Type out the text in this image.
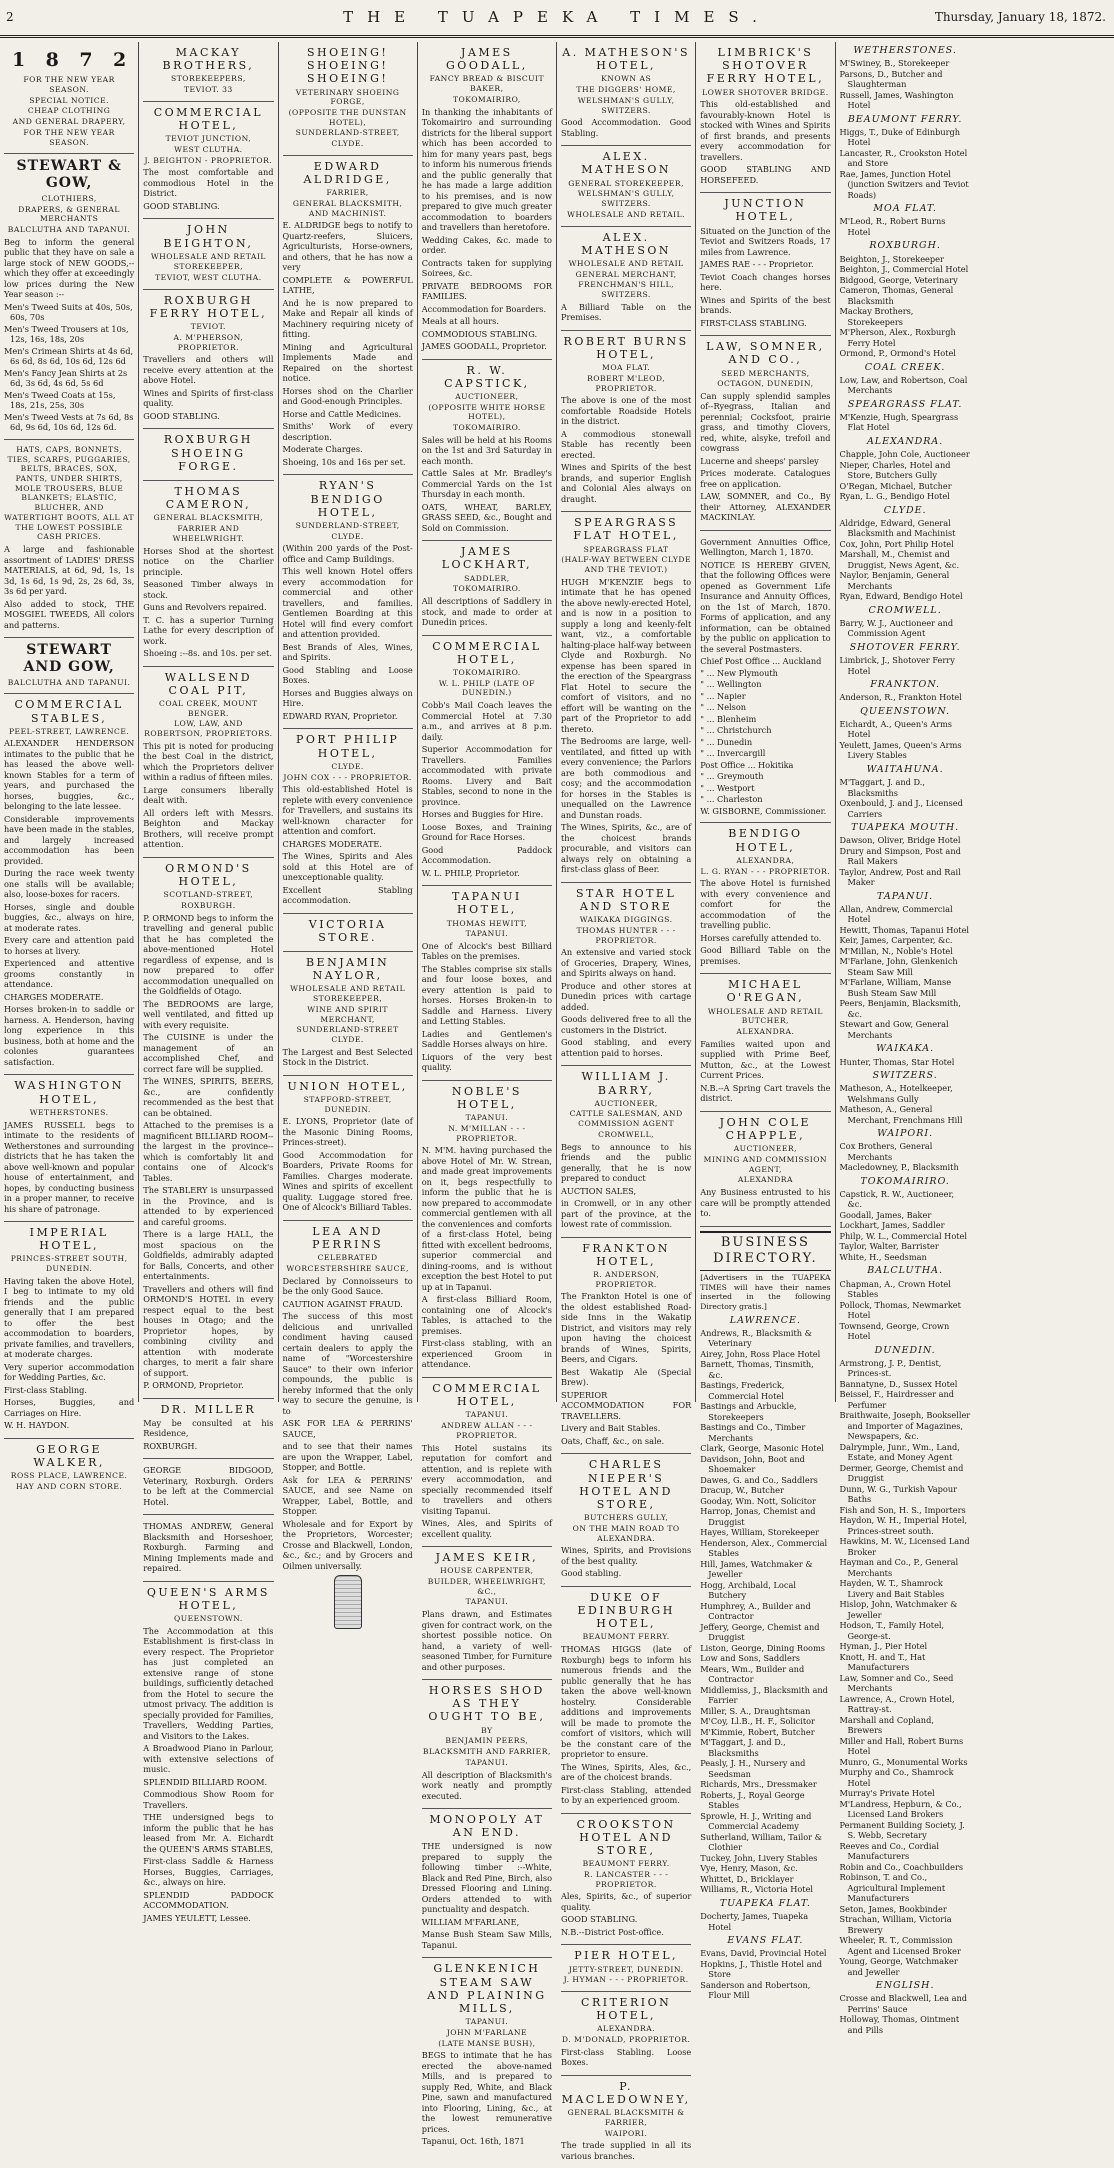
2	THE TUAPEKA TIMES.	Thursday, January 18, 1872.
1 8 7 2
FOR THE NEW YEAR SEASON.
SPECIAL NOTICE.
CHEAP CLOTHING
AND GENERAL DRAPERY,
FOR THE NEW YEAR SEASON.
STEWART & GOW,
CLOTHIERS,
DRAPERS, & GENERAL MERCHANTS
BALCLUTHA AND TAPANUI.

Beg to inform the general public that they have on sale a large stock of NEW GOODS,-- which they offer at exceedingly low prices during the New Year season :--

Men's Tweed Suits at 40s, 50s, 60s, 70s

Men's Tweed Trousers at 10s, 12s, 16s, 18s, 20s

Men's Crimean Shirts at 4s 6d, 6s 6d, 8s 6d, 10s 6d, 12s 6d

Men's Fancy Jean Shirts at 2s 6d, 3s 6d, 4s 6d, 5s 6d

Men's Tweed Coats at 15s, 18s, 21s, 25s, 30s

Men's Tweed Vests at 7s 6d, 8s 6d, 9s 6d, 10s 6d, 12s 6d.

HATS, CAPS, BONNETS, TIES, SCARFS, PUGGARIES, BELTS, BRACES, SOX, PANTS, UNDER SHIRTS, MOLE TROUSERS, BLUE BLANKETS; ELASTIC, BLUCHER, AND WATERTIGHT BOOTS, ALL AT THE LOWEST POSSIBLE CASH PRICES.

A large and fashionable assortment of LADIES' DRESS MATERIALS, at 6d, 9d, 1s, 1s 3d, 1s 6d, 1s 9d, 2s, 2s 6d, 3s, 3s 6d per yard.

Also added to stock, THE MOSGIEL TWEEDS, All colors and patterns.

STEWART AND GOW,
BALCLUTHA AND TAPANUI.
COMMERCIAL STABLES,
PEEL-STREET, LAWRENCE.

ALEXANDER HENDERSON intimates to the public that he has leased the above well-known Stables for a term of years, and purchased the horses, buggies, &c., belonging to the late lessee.

Considerable improvements have been made in the stables, and largely increased accommodation has been provided.

During the race week twenty one stalls will be available; also, loose-boxes for racers.

Horses, single and double buggies, &c., always on hire, at moderate rates.

Every care and attention paid to horses at livery.

Experienced and attentive grooms constantly in attendance.

CHARGES MODERATE.

Horses broken-in to saddle or harness. A. Henderson, having long experience in this business, both at home and the colonies guarantees satisfaction.

WASHINGTON HOTEL,
WETHERSTONES.

JAMES RUSSELL begs to intimate to the residents of Wetherstones and surrounding districts that he has taken the above well-known and popular house of entertainment, and hopes, by conducting business in a proper manner, to receive his share of patronage.

IMPERIAL HOTEL,
PRINCES-STREET SOUTH, DUNEDIN.

Having taken the above Hotel, I beg to intimate to my old friends and the public generally that I am prepared to offer the best accommodation to boarders, private families, and travellers, at moderate charges.

Very superior accommodation for Wedding Parties, &c.

First-class Stabling.

Horses, Buggies, and Carriages on Hire.

W. H. HAYDON.

GEORGE WALKER,
ROSS PLACE, LAWRENCE.
HAY AND CORN STORE.
MACKAY BROTHERS,
STOREKEEPERS,
TEVIOT. 33
COMMERCIAL HOTEL,
TEVIOT JUNCTION,
WEST CLUTHA.
J. BEIGHTON - PROPRIETOR.

The most comfortable and commodious Hotel in the District.

GOOD STABLING.

JOHN BEIGHTON,
WHOLESALE AND RETAIL
STOREKEEPER,
TEVIOT, WEST CLUTHA.
ROXBURGH FERRY HOTEL,
TEVIOT.
A. M'PHERSON, PROPRIETOR.

Travellers and others will receive every attention at the above Hotel.

Wines and Spirits of first-class quality.

GOOD STABLING.

ROXBURGH SHOEING FORGE.
THOMAS CAMERON,
GENERAL BLACKSMITH,
FARRIER AND WHEELWRIGHT.

Horses Shod at the shortest notice on the Charlier principle.

Seasoned Timber always in stock.

Guns and Revolvers repaired.

T. C. has a superior Turning Lathe for every description of work.

Shoeing :--8s. and 10s. per set.

WALLSEND COAL PIT,
COAL CREEK, MOUNT BENGER.
LOW, LAW, AND ROBERTSON, PROPRIETORS.

This pit is noted for producing the best Coal in the district, which the Proprietors deliver within a radius of fifteen miles.

Large consumers liberally dealt with.

All orders left with Messrs. Beighton and Mackay Brothers, will receive prompt attention.

ORMOND'S HOTEL,
SCOTLAND-STREET,
ROXBURGH.

P. ORMOND begs to inform the travelling and general public that he has completed the above-mentioned Hotel regardless of expense, and is now prepared to offer accommodation unequalled on the Goldfields of Otago.

The BEDROOMS are large, well ventilated, and fitted up with every requisite.

The CUISINE is under the management of an accomplished Chef, and correct fare will be supplied.

The WINES, SPIRITS, BEERS, &c., are confidently recommended as the best that can be obtained.

Attached to the premises is a magnificent BILLIARD ROOM--the largest in the province--which is comfortably lit and contains one of Alcock's Tables.

The STABLERY is unsurpassed in the Province, and is attended to by experienced and careful grooms.

There is a large HALL, the most spacious on the Goldfields, admirably adapted for Balls, Concerts, and other entertainments.

Travellers and others will find ORMOND'S HOTEL in every respect equal to the best houses in Otago; and the Proprietor hopes, by combining civility and attention with moderate charges, to merit a fair share of support.

P. ORMOND, Proprietor.

DR. MILLER

May be consulted at his Residence,

ROXBURGH.

GEORGE BIDGOOD, Veterinary, Roxburgh. Orders to be left at the Commercial Hotel.

THOMAS ANDREW, General Blacksmith and Horseshoer, Roxburgh. Farming and Mining Implements made and repaired.

QUEEN'S ARMS HOTEL,
QUEENSTOWN.

The Accommodation at this Establishment is first-class in every respect. The Proprietor has just completed an extensive range of stone buildings, sufficiently detached from the Hotel to secure the utmost privacy. The addition is specially provided for Families, Travellers, Wedding Parties, and Visitors to the Lakes.

A Broadwood Piano in Parlour, with extensive selections of music.

SPLENDID BILLIARD ROOM.

Commodious Show Room for Travellers.

THE undersigned begs to inform the public that he has leased from Mr. A. Eichardt the QUEEN'S ARMS STABLES,

First-class Saddle & Harness Horses, Buggies, Carriages, &c., always on hire.

SPLENDID PADDOCK ACCOMMODATION.

JAMES YEULETT, Lessee.

SHOEING! SHOEING! SHOEING!
VETERINARY SHOEING FORGE,
(OPPOSITE THE DUNSTAN HOTEL),
SUNDERLAND-STREET,
CLYDE.
EDWARD ALDRIDGE,
FARRIER,
GENERAL BLACKSMITH, AND MACHINIST.

E. ALDRIDGE begs to notify to Quartz-reefers, Sluicers, Agriculturists, Horse-owners, and others, that he has now a very

COMPLETE & POWERFUL LATHE,

And he is now prepared to Make and Repair all kinds of Machinery requiring nicety of fitting.

Mining and Agricultural Implements Made and Repaired on the shortest notice.

Horses shod on the Charlier and Good-enough Principles.

Horse and Cattle Medicines.

Smiths' Work of every description.

Moderate Charges.

Shoeing, 10s and 16s per set.

RYAN'S BENDIGO HOTEL,
SUNDERLAND-STREET,
CLYDE.

(Within 200 yards of the Post-office and Camp Buildings.

This well known Hotel offers every accommodation for commercial and other travellers, and families. Gentlemen Boarding at this Hotel will find every comfort and attention provided.

Best Brands of Ales, Wines, and Spirits.

Good Stabling and Loose Boxes.

Horses and Buggies always on Hire.

EDWARD RYAN, Proprietor.

PORT PHILIP HOTEL,
CLYDE.
JOHN COX - - - PROPRIETOR.

This old-established Hotel is replete with every convenience for Travellers, and sustains its well-known character for attention and comfort.

CHARGES MODERATE.

The Wines, Spirits and Ales sold at this Hotel are of unexceptionable quality.

Excellent Stabling accommodation.

VICTORIA STORE.
BENJAMIN NAYLOR,
WHOLESALE AND RETAIL STOREKEEPER,
WINE AND SPIRIT MERCHANT,
SUNDERLAND-STREET CLYDE.

The Largest and Best Selected Stock in the District.

UNION HOTEL,
STAFFORD-STREET, DUNEDIN.

E. LYONS, Proprietor (late of the Masonic Dining Rooms, Princes-street).

Good Accommodation for Boarders, Private Rooms for Families. Charges moderate. Wines and spirits of excellent quality. Luggage stored free. One of Alcock's Billiard Tables.

LEA AND PERRINS
CELEBRATED
WORCESTERSHIRE SAUCE,

Declared by Connoisseurs to be the only Good Sauce.

CAUTION AGAINST FRAUD.

The success of this most delicious and unrivalled condiment having caused certain dealers to apply the name of "Worcestershire Sauce" to their own inferior compounds, the public is hereby informed that the only way to secure the genuine, is to

ASK FOR LEA & PERRINS' SAUCE,

and to see that their names are upon the Wrapper, Label, Stopper, and Bottle.

Ask for LEA & PERRINS' SAUCE, and see Name on Wrapper, Label, Bottle, and Stopper.

Wholesale and for Export by the Proprietors, Worcester; Crosse and Blackwell, London, &c., &c.; and by Grocers and Oilmen universally.

JAMES GOODALL,
FANCY BREAD & BISCUIT BAKER,
TOKOMAIRIRO,

In thanking the inhabitants of Tokomairiro and surrounding districts for the liberal support which has been accorded to him for many years past, begs to inform his numerous friends and the public generally that he has made a large addition to his premises, and is now prepared to give much greater accommodation to boarders and travellers than heretofore.

Wedding Cakes, &c. made to order.

Contracts taken for supplying Soirees, &c.

PRIVATE BEDROOMS FOR FAMILIES.

Accommodation for Boarders.

Meals at all hours.

COMMODIOUS STABLING.

JAMES GOODALL, Proprietor.

R. W. CAPSTICK,
AUCTIONEER,
(OPPOSITE WHITE HORSE HOTEL),
TOKOMAIRIRO.

Sales will be held at his Rooms on the 1st and 3rd Saturday in each month.

Cattle Sales at Mr. Bradley's Commercial Yards on the 1st Thursday in each month.

OATS, WHEAT, BARLEY, GRASS SEED, &c., Bought and Sold on Commission.

JAMES LOCKHART,
SADDLER,
TOKOMAIRIRO.

All descriptions of Saddlery in stock, and made to order at Dunedin prices.

COMMERCIAL HOTEL,
TOKOMAIRIRO.
W. L. PHILP (LATE OF DUNEDIN.)

Cobb's Mail Coach leaves the Commercial Hotel at 7.30 a.m., and arrives at 8 p.m. daily.

Superior Accommodation for Travellers. Families accommodated with private Rooms. Livery and Bait Stables, second to none in the province.

Horses and Buggies for Hire.

Loose Boxes, and Training Ground for Race Horses.

Good Paddock Accommodation.

W. L. PHILP, Proprietor.

TAPANUI HOTEL,
THOMAS HEWITT,
TAPANUI.

One of Alcock's best Billiard Tables on the premises.

The Stables comprise six stalls and four loose boxes, and every attention is paid to horses. Horses Broken-in to Saddle and Harness. Livery and Letting Stables.

Ladies and Gentlemen's Saddle Horses always on hire.

Liquors of the very best quality.

NOBLE'S HOTEL,
TAPANUI.
N. M'MILLAN - - - PROPRIETOR.

N. M'M. having purchased the above Hotel of Mr. W. Strean, and made great improvements on it, begs respectfully to inform the public that he is now prepared to accommodate commercial gentlemen with all the conveniences and comforts of a first-class Hotel, being fitted with excellent bedrooms, superior commercial and dining-rooms, and is without exception the best Hotel to put up at in Tapanui.

A first-class Billiard Room, containing one of Alcock's Tables, is attached to the premises.

First-class stabling, with an experienced Groom in attendance.

COMMERCIAL HOTEL,
TAPANUI.
ANDREW ALLAN - - - PROPRIETOR.

This Hotel sustains its reputation for comfort and attention, and is replete with every accommodation, and specially recommended itself to travellers and others visiting Tapanui.

Wines, Ales, and Spirits of excellent quality.

JAMES KEIR,
HOUSE CARPENTER,
BUILDER, WHEELWRIGHT, &C.,
TAPANUI.

Plans drawn, and Estimates given for contract work, on the shortest possible notice. On hand, a variety of well-seasoned Timber, for Furniture and other purposes.

HORSES SHOD AS THEY OUGHT TO BE,
BY
BENJAMIN PEERS,
BLACKSMITH AND FARRIER,
TAPANUI.

All description of Blacksmith's work neatly and promptly executed.

MONOPOLY AT AN END.

THE undersigned is now prepared to supply the following timber :--White, Black and Red Pine, Birch, also Dressed Flooring and Lining. Orders attended to with punctuality and despatch.

WILLIAM M'FARLANE,

Manse Bush Steam Saw Mills, Tapanui.

GLENKENICH STEAM SAW AND PLAINING MILLS,
TAPANUI.
JOHN M'FARLANE
(LATE MANSE BUSH),

BEGS to intimate that he has erected the above-named Mills, and is prepared to supply Red, White, and Black Pine, sawn and manufactured into Flooring, Lining, &c., at the lowest remunerative prices.

Tapanui, Oct. 16th, 1871

A. MATHESON'S HOTEL,
KNOWN AS
THE DIGGERS' HOME,
WELSHMAN'S GULLY, SWITZERS.

Good Accommodation. Good Stabling.

ALEX. MATHESON
GENERAL STOREKEEPER,
WELSHMAN'S GULLY, SWITZERS.
WHOLESALE AND RETAIL.
ALEX. MATHESON
WHOLESALE AND RETAIL
GENERAL MERCHANT,
FRENCHMAN'S HILL, SWITZERS.

A Billiard Table on the Premises.

ROBERT BURNS HOTEL,
MOA FLAT.
ROBERT M'LEOD, PROPRIETOR.

The above is one of the most comfortable Roadside Hotels in the district.

A commodious stonewall Stable has recently been erected.

Wines and Spirits of the best brands, and superior English and Colonial Ales always on draught.

SPEARGRASS FLAT HOTEL,
SPEARGRASS FLAT
(HALF-WAY BETWEEN CLYDE AND THE TEVIOT.)

HUGH M'KENZIE begs to intimate that he has opened the above newly-erected Hotel, and is now in a position to supply a long and keenly-felt want, viz., a comfortable halting-place half-way between Clyde and Roxburgh. No expense has been spared in the erection of the Speargrass Flat Hotel to secure the comfort of visitors, and no effort will be wanting on the part of the Proprietor to add thereto.

The Bedrooms are large, well-ventilated, and fitted up with every convenience; the Parlors are both commodious and cosy; and the accommodation for horses in the Stables is unequalled on the Lawrence and Dunstan roads.

The Wines, Spirits, &c., are of the choicest brands procurable, and visitors can always rely on obtaining a first-class glass of Beer.

STAR HOTEL AND STORE
WAIKAKA DIGGINGS.
THOMAS HUNTER - - - PROPRIETOR.

An extensive and varied stock of Groceries, Drapery, Wines, and Spirits always on hand.

Produce and other stores at Dunedin prices with cartage added.

Goods delivered free to all the customers in the District.

Good stabling, and every attention paid to horses.

WILLIAM J. BARRY,
AUCTIONEER,
CATTLE SALESMAN, AND COMMISSION AGENT
CROMWELL,

Begs to announce to his friends and the public generally, that he is now prepared to conduct

AUCTION SALES,

in Cromwell, or in any other part of the province, at the lowest rate of commission.

FRANKTON HOTEL,
R. ANDERSON, PROPRIETOR.

The Frankton Hotel is one of the oldest established Road-side Inns in the Wakatip District, and visitors may rely upon having the choicest brands of Wines, Spirits, Beers, and Cigars.

Best Wakatip Ale (Special Brew).

SUPERIOR ACCOMMODATION FOR TRAVELLERS.

Livery and Bait Stables.

Oats, Chaff, &c., on sale.

CHARLES NIEPER'S HOTEL AND STORE,
BUTCHERS GULLY,
ON THE MAIN ROAD TO ALEXANDRA.

Wines, Spirits, and Provisions of the best quality.

Good stabling.

DUKE OF EDINBURGH HOTEL,
BEAUMONT FERRY.

THOMAS HIGGS (late of Roxburgh) begs to inform his numerous friends and the public generally that he has taken the above well-known hostelry. Considerable additions and improvements will be made to promote the comfort of visitors, which will be the constant care of the proprietor to ensure.

The Wines, Spirits, Ales, &c., are of the choicest brands.

First-class Stabling, attended to by an experienced groom.

CROOKSTON HOTEL AND STORE,
BEAUMONT FERRY.
R. LANCASTER - - - PROPRIETOR.

Ales, Spirits, &c., of superior quality.

GOOD STABLING.

N.B.--District Post-office.

PIER HOTEL,
JETTY-STREET, DUNEDIN.
J. HYMAN - - - PROPRIETOR.
CRITERION HOTEL,
ALEXANDRA.
D. M'DONALD, PROPRIETOR.

First-class Stabling. Loose Boxes.

P. MACLEDOWNEY,
GENERAL BLACKSMITH & FARRIER,
WAIPORI.

The trade supplied in all its various branches.

LIMBRICK'S SHOTOVER FERRY HOTEL,
LOWER SHOTOVER BRIDGE.

This old-established and favourably-known Hotel is stocked with Wines and Spirits of first brands, and presents every accommodation for travellers.

GOOD STABLING AND HORSEFEED.

JUNCTION HOTEL,

Situated on the Junction of the Teviot and Switzers Roads, 17 miles from Lawrence.

JAMES RAE - - - Proprietor.

Teviot Coach changes horses here.

Wines and Spirits of the best brands.

FIRST-CLASS STABLING.

LAW, SOMNER, AND CO.,
SEED MERCHANTS,
OCTAGON, DUNEDIN,

Can supply splendid samples of--Ryegrass, Italian and perennial; Cocksfoot, prairie grass, and timothy Clovers, red, white, alsyke, trefoil and cowgrass

Lucerne and sheeps' parsley

Prices moderate. Catalogues free on application.

LAW, SOMNER, and Co., By their Attorney, ALEXANDER MACKINLAY.

Government Annuities Office, Wellington, March 1, 1870.

NOTICE IS HEREBY GIVEN, that the following Offices were opened as Government Life Insurance and Annuity Offices, on the 1st of March, 1870. Forms of application, and any information, can be obtained by the public on application to the several Postmasters.

Chief Post Office ... Auckland

" ... New Plymouth

" ... Wellington

" ... Napier

" ... Nelson

" ... Blenheim

" ... Christchurch

" ... Dunedin

" ... Invercargill

Post Office ... Hokitika

" ... Greymouth

" ... Westport

" ... Charleston

W. GISBORNE, Commissioner.

BENDIGO HOTEL,
ALEXANDRA,
L. G. RYAN - - - PROPRIETOR.

The above Hotel is furnished with every convenience and comfort for the accommodation of the travelling public.

Horses carefully attended to.

Good Billiard Table on the premises.

MICHAEL O'REGAN,
WHOLESALE AND RETAIL BUTCHER,
ALEXANDRA.

Families waited upon and supplied with Prime Beef, Mutton, &c., at the Lowest Current Prices.

N.B.--A Spring Cart travels the district.

JOHN COLE CHAPPLE,
AUCTIONEER,
MINING AND COMMISSION AGENT,
ALEXANDRA

Any Business entrusted to his care will be promptly attended to.

BUSINESS DIRECTORY.

[Advertisers in the TUAPEKA TIMES will have their names inserted in the following Directory gratis.]

LAWRENCE.

Andrews, R., Blacksmith & Veterinary

Airey, John, Ross Place Hotel

Barnett, Thomas, Tinsmith, &c.

Bastings, Frederick, Commercial Hotel

Bastings and Arbuckle, Storekeepers

Bastings and Co., Timber Merchants

Clark, George, Masonic Hotel

Davidson, John, Boot and Shoemaker

Dawes, G. and Co., Saddlers

Dracup, W., Butcher

Gooday, Wm. Nott, Solicitor

Harrop, Jonas, Chemist and Druggist

Hayes, William, Storekeeper

Henderson, Alex., Commercial Stables

Hill, James, Watchmaker & Jeweller

Hogg, Archibald, Local Butchery

Humphrey, A., Builder and Contractor

Jeffery, George, Chemist and Druggist

Liston, George, Dining Rooms

Low and Sons, Saddlers

Mears, Wm., Builder and Contractor

Middlemiss, J., Blacksmith and Farrier

Miller, S. A., Draughtsman

M'Coy, Ll.B., H. F., Solicitor

M'Kimmie, Robert, Butcher

M'Taggart, J. and D., Blacksmiths

Peasly, J. H., Nursery and Seedsman

Richards, Mrs., Dressmaker

Roberts, J., Royal George Stables

Sprowle, H. J., Writing and Commercial Academy

Sutherland, William, Tailor & Clothier

Tuckey, John, Livery Stables

Vye, Henry, Mason, &c.

Whittet, D., Bricklayer

Williams, R., Victoria Hotel

TUAPEKA FLAT.

Docherty, James, Tuapeka Hotel

EVANS FLAT.

Evans, David, Provincial Hotel

Hopkins, J., Thistle Hotel and Store

Sanderson and Robertson, Flour Mill

WETHERSTONES.

M'Swiney, B., Storekeeper

Parsons, D., Butcher and Slaughterman

Russell, James, Washington Hotel

BEAUMONT FERRY.

Higgs, T., Duke of Edinburgh Hotel

Lancaster, R., Crookston Hotel and Store

Rae, James, Junction Hotel (junction Switzers and Teviot Roads)

MOA FLAT.

M'Leod, R., Robert Burns Hotel

ROXBURGH.

Beighton, J., Storekeeper

Beighton, J., Commercial Hotel

Bidgood, George, Veterinary

Cameron, Thomas, General Blacksmith

Mackay Brothers, Storekeepers

M'Pherson, Alex., Roxburgh Ferry Hotel

Ormond, P., Ormond's Hotel

COAL CREEK.

Low, Law, and Robertson, Coal Merchants

SPEARGRASS FLAT.

M'Kenzie, Hugh, Speargrass Flat Hotel

ALEXANDRA.

Chapple, John Cole, Auctioneer

Nieper, Charles, Hotel and Store, Butchers Gully

O'Regan, Michael, Butcher

Ryan, L. G., Bendigo Hotel

CLYDE.

Aldridge, Edward, General Blacksmith and Machinist

Cox, John, Port Philip Hotel

Marshall, M., Chemist and Druggist, News Agent, &c.

Naylor, Benjamin, General Merchants

Ryan, Edward, Bendigo Hotel

CROMWELL.

Barry, W. J., Auctioneer and Commission Agent

SHOTOVER FERRY.

Limbrick, J., Shotover Ferry Hotel

FRANKTON.

Anderson, R., Frankton Hotel

QUEENSTOWN.

Eichardt, A., Queen's Arms Hotel

Yeulett, James, Queen's Arms Livery Stables

WAITAHUNA.

M'Taggart, J. and D., Blacksmiths

Oxenbould, J. and J., Licensed Carriers

TUAPEKA MOUTH.

Dawson, Oliver, Bridge Hotel

Drury and Simpson, Post and Rail Makers

Taylor, Andrew, Post and Rail Maker

TAPANUI.

Allan, Andrew, Commercial Hotel

Hewitt, Thomas, Tapanui Hotel

Keir, James, Carpenter, &c.

M'Millan, N., Noble's Hotel

M'Farlane, John, Glenkenich Steam Saw Mill

M'Farlane, William, Manse Bush Steam Saw Mill

Peers, Benjamin, Blacksmith, &c.

Stewart and Gow, General Merchants

WAIKAKA.

Hunter, Thomas, Star Hotel

SWITZERS.

Matheson, A., Hotelkeeper, Welshmans Gully

Matheson, A., General Merchant, Frenchmans Hill

WAIPORI.

Cox Brothers, General Merchants

Macledowney, P., Blacksmith

TOKOMAIRIRO.

Capstick, R. W., Auctioneer, &c.

Goodall, James, Baker

Lockhart, James, Saddler

Philp, W. L., Commercial Hotel

Taylor, Walter, Barrister

White, H., Seedsman

BALCLUTHA.

Chapman, A., Crown Hotel Stables

Pollock, Thomas, Newmarket Hotel

Townsend, George, Crown Hotel

DUNEDIN.

Armstrong, J. P., Dentist, Princes-st.

Bannatyne, D., Sussex Hotel

Beissel, F., Hairdresser and Perfumer

Braithwaite, Joseph, Bookseller and Importer of Magazines, Newspapers, &c.

Dalrymple, Junr., Wm., Land, Estate, and Money Agent

Dermer, George, Chemist and Druggist

Dunn, W. G., Turkish Vapour Baths

Fish and Son, H. S., Importers

Haydon, W. H., Imperial Hotel, Princes-street south.

Hawkins, M. W., Licensed Land Broker

Hayman and Co., P., General Merchants

Hayden, W. T., Shamrock Livery and Bait Stables

Hislop, John, Watchmaker & Jeweller

Hodson, T., Family Hotel, George-st.

Hyman, J., Pier Hotel

Knott, H. and T., Hat Manufacturers

Law, Somner and Co., Seed Merchants

Lawrence, A., Crown Hotel, Rattray-st.

Marshall and Copland, Brewers

Miller and Hall, Robert Burns Hotel

Munro, G., Monumental Works

Murphy and Co., Shamrock Hotel

Murray's Private Hotel

M'Landress, Hepburn, & Co., Licensed Land Brokers

Permanent Building Society, J. S. Webb, Secretary

Reeves and Co., Cordial Manufacturers

Robin and Co., Coachbuilders

Robinson, T. and Co., Agricultural Implement Manufacturers

Seton, James, Bookbinder

Strachan, William, Victoria Brewery

Wheeler, R. T., Commission Agent and Licensed Broker

Young, George, Watchmaker and Jeweller

ENGLISH.

Crosse and Blackwell, Lea and Perrins' Sauce

Holloway, Thomas, Ointment and Pills
